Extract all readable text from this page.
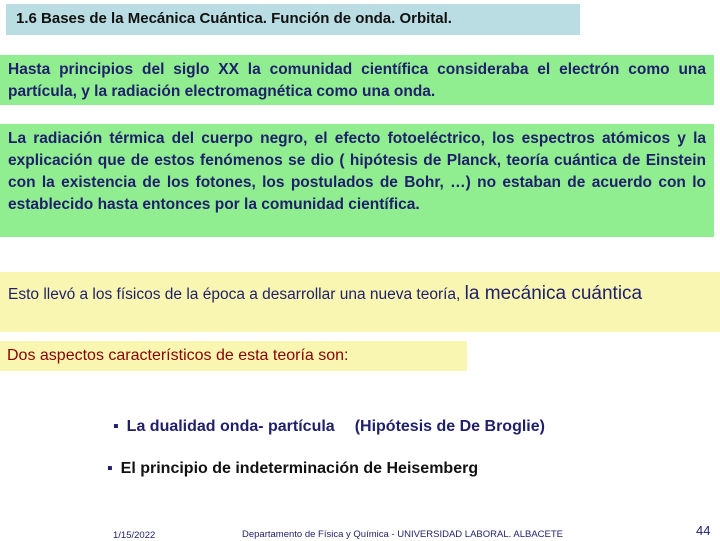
1.6 Bases de la Mecánica Cuántica. Función de onda. Orbital.
Hasta principios del siglo XX la comunidad científica consideraba el electrón como una partícula, y la radiación electromagnética como una onda.
La radiación térmica del cuerpo negro, el efecto fotoeléctrico, los espectros atómicos y la explicación que de estos fenómenos se dio ( hipótesis de Planck, teoría cuántica de Einstein con la existencia de los fotones, los postulados de Bohr, …) no estaban de acuerdo con lo establecido hasta entonces por la comunidad científica.
Esto llevó a los físicos de la época a desarrollar una nueva teoría, la mecánica cuántica
Dos aspectos característicos de esta teoría son:
▪ La dualidad onda- partícula (Hipótesis de De Broglie)
▪ El principio de indeterminación de Heisemberg
1/15/2022	Departamento de Física y Química - UNIVERSIDAD LABORAL. ALBACETE	44
